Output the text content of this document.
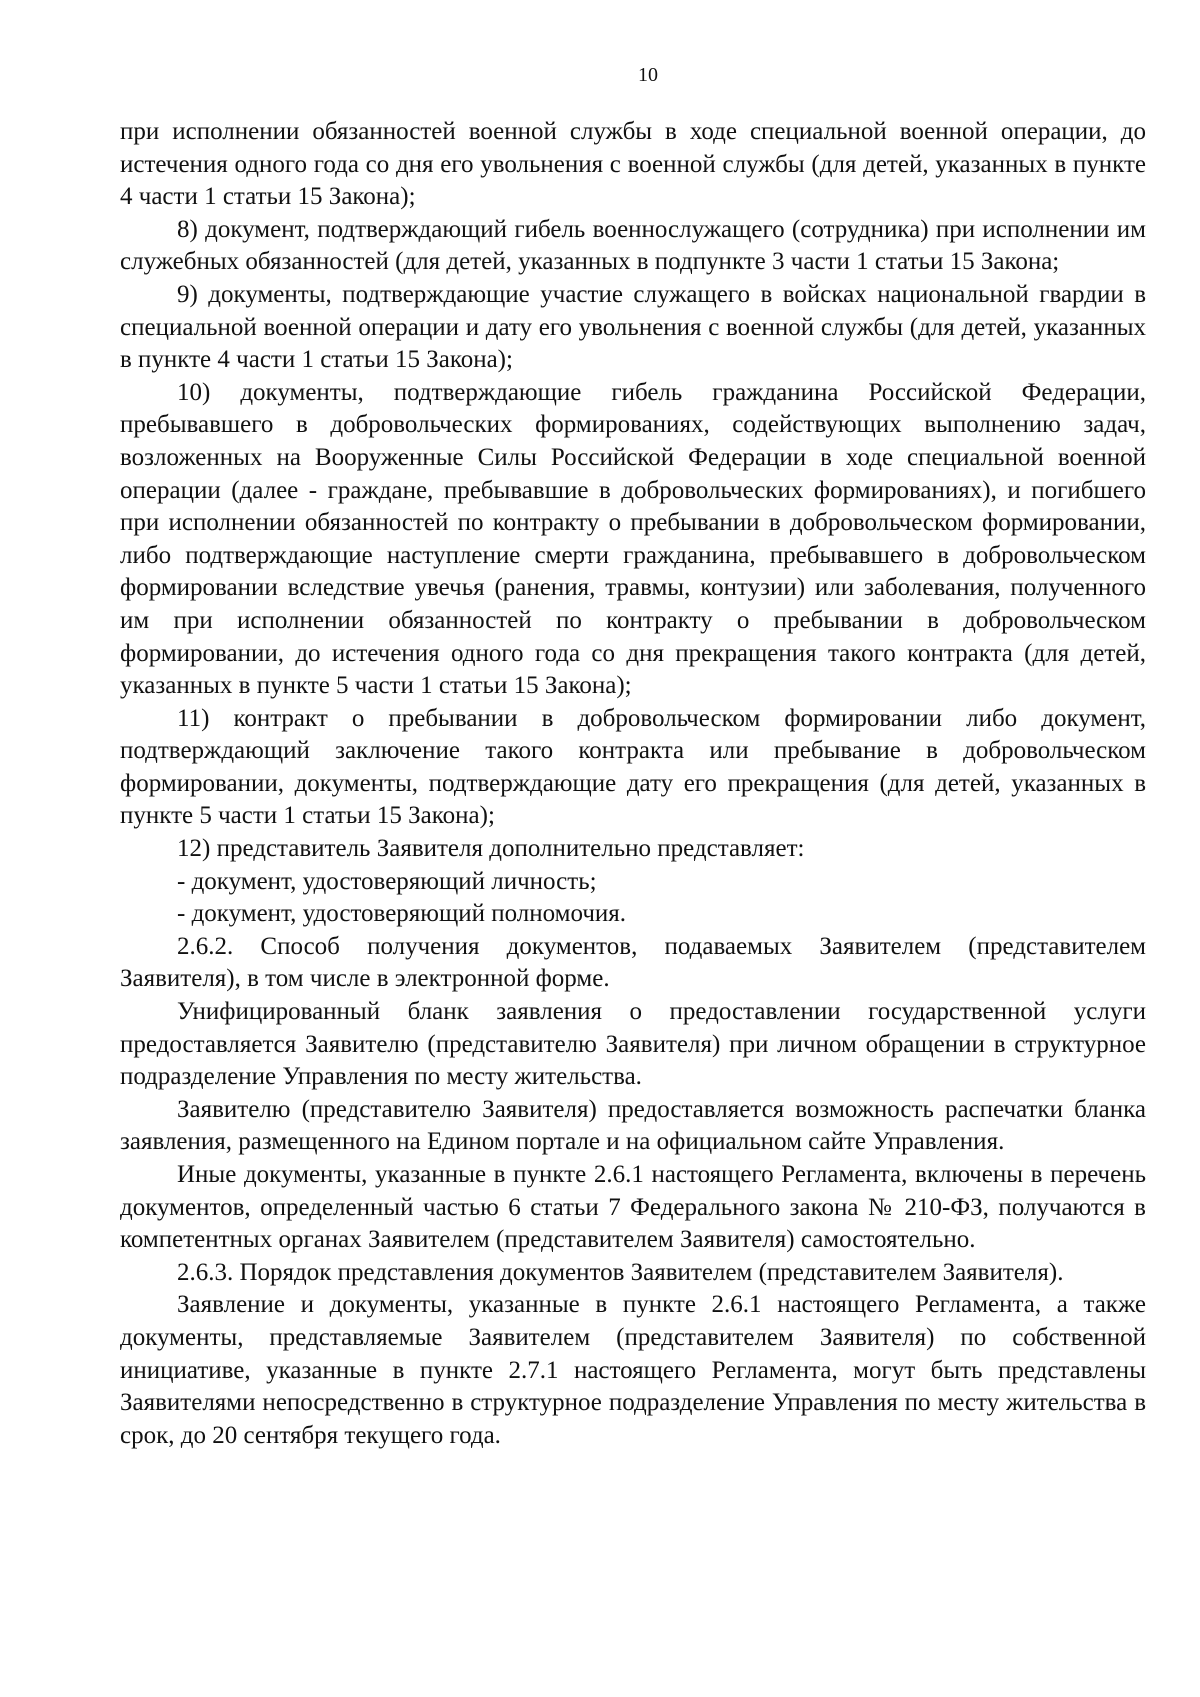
10

при исполнении обязанностей военной службы в ходе специальной военной операции, до истечения одного года со дня его увольнения с военной службы (для детей, указанных в пункте 4 части 1 статьи 15 Закона);

8) документ, подтверждающий гибель военнослужащего (сотрудника) при исполнении им служебных обязанностей (для детей, указанных в подпункте 3 части 1 статьи 15 Закона;

9) документы, подтверждающие участие служащего в войсках национальной гвардии в специальной военной операции и дату его увольнения с военной службы (для детей, указанных в пункте 4 части 1 статьи 15 Закона);

10) документы, подтверждающие гибель гражданина Российской Федерации, пребывавшего в добровольческих формированиях, содействующих выполнению задач, возложенных на Вооруженные Силы Российской Федерации в ходе специальной военной операции (далее - граждане, пребывавшие в добровольческих формированиях), и погибшего при исполнении обязанностей по контракту о пребывании в добровольческом формировании, либо подтверждающие наступление смерти гражданина, пребывавшего в добровольческом формировании вследствие увечья (ранения, травмы, контузии) или заболевания, полученного им при исполнении обязанностей по контракту о пребывании в добровольческом формировании, до истечения одного года со дня прекращения такого контракта (для детей, указанных в пункте 5 части 1 статьи 15 Закона);

11) контракт о пребывании в добровольческом формировании либо документ, подтверждающий заключение такого контракта или пребывание в добровольческом формировании, документы, подтверждающие дату его прекращения (для детей, указанных в пункте 5 части 1 статьи 15 Закона);

12) представитель Заявителя дополнительно представляет:

- документ, удостоверяющий личность;

- документ, удостоверяющий полномочия.

2.6.2. Способ получения документов, подаваемых Заявителем (представителем Заявителя), в том числе в электронной форме.

Унифицированный бланк заявления о предоставлении государственной услуги предоставляется Заявителю (представителю Заявителя) при личном обращении в структурное подразделение Управления по месту жительства.

Заявителю (представителю Заявителя) предоставляется возможность распечатки бланка заявления, размещенного на Едином портале и на официальном сайте Управления.

Иные документы, указанные в пункте 2.6.1 настоящего Регламента, включены в перечень документов, определенный частью 6 статьи 7 Федерального закона № 210-ФЗ, получаются в компетентных органах Заявителем (представителем Заявителя) самостоятельно.

2.6.3. Порядок представления документов Заявителем (представителем Заявителя).

Заявление и документы, указанные в пункте 2.6.1 настоящего Регламента, а также документы, представляемые Заявителем (представителем Заявителя) по собственной инициативе, указанные в пункте 2.7.1 настоящего Регламента, могут быть представлены Заявителями непосредственно в структурное подразделение Управления по месту жительства в срок, до 20 сентября текущего года.
